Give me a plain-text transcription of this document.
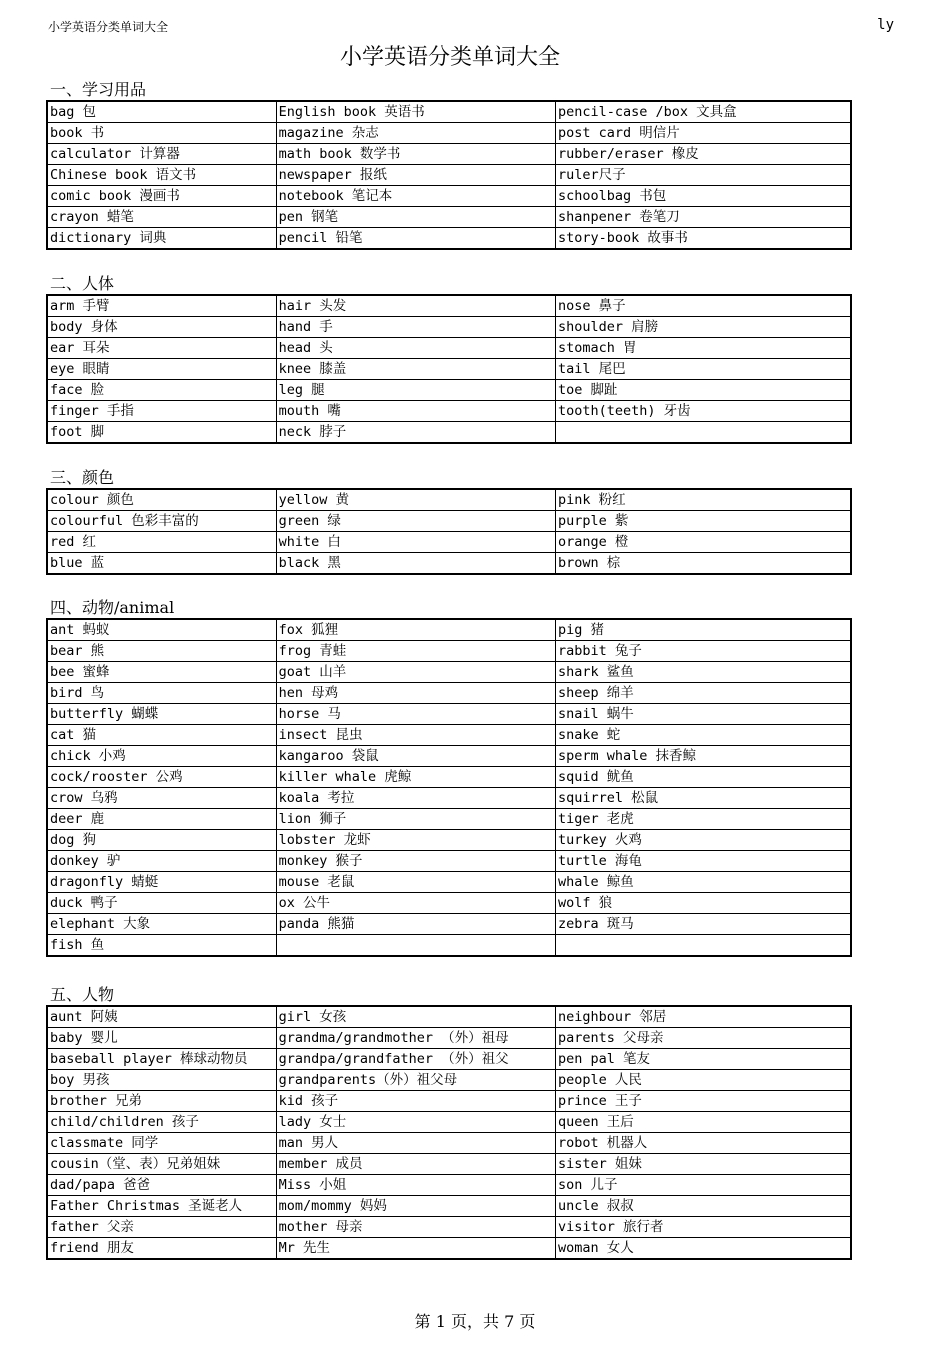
小学英语分类单词大全	ly
小学英语分类单词大全
一、学习用品
bag 包	English book 英语书	pencil-case /box 文具盒
book 书	magazine 杂志	post card 明信片
calculator 计算器	math book 数学书	rubber/eraser 橡皮
Chinese book 语文书	newspaper 报纸	ruler尺子
comic book 漫画书	notebook 笔记本	schoolbag 书包
crayon 蜡笔	pen 钢笔	shanpener 卷笔刀
dictionary 词典	pencil 铅笔	story-book 故事书
二、人体
arm 手臂	hair 头发	nose 鼻子
body 身体	hand 手	shoulder 肩膀
ear 耳朵	head 头	stomach 胃
eye 眼睛	knee 膝盖	tail 尾巴
face 脸	leg 腿	toe 脚趾
finger 手指	mouth 嘴	tooth(teeth) 牙齿
foot 脚	neck 脖子	
三、颜色
colour 颜色	yellow 黄	pink 粉红
colourful 色彩丰富的	green 绿	purple 紫
red 红	white 白	orange 橙
blue 蓝	black 黑	brown 棕
四、动物/animal
ant 蚂蚁	fox 狐狸	pig 猪
bear 熊	frog 青蛙	rabbit 兔子
bee 蜜蜂	goat 山羊	shark 鲨鱼
bird 鸟	hen 母鸡	sheep 绵羊
butterfly 蝴蝶	horse 马	snail 蜗牛
cat 猫	insect 昆虫	snake 蛇
chick 小鸡	kangaroo 袋鼠	sperm whale 抹香鲸
cock/rooster 公鸡	killer whale 虎鲸	squid 鱿鱼
crow 乌鸦	koala 考拉	squirrel 松鼠
deer 鹿	lion 狮子	tiger 老虎
dog 狗	lobster 龙虾	turkey 火鸡
donkey 驴	monkey 猴子	turtle 海龟
dragonfly 蜻蜓	mouse 老鼠	whale 鲸鱼
duck 鸭子	ox 公牛	wolf 狼
elephant 大象	panda 熊猫	zebra 斑马
fish 鱼		
五、人物
aunt 阿姨	girl 女孩	neighbour 邻居
baby 婴儿	grandma/grandmother （外）祖母	parents 父母亲
baseball player 棒球动物员	grandpa/grandfather （外）祖父	pen pal 笔友
boy 男孩	grandparents（外）祖父母	people 人民
brother 兄弟	kid 孩子	prince 王子
child/children 孩子	lady 女士	queen 王后
classmate 同学	man 男人	robot 机器人
cousin（堂、表）兄弟姐妹	member 成员	sister 姐妹
dad/papa 爸爸	Miss 小姐	son 儿子
Father Christmas 圣诞老人	mom/mommy 妈妈	uncle 叔叔
father 父亲	mother 母亲	visitor 旅行者
friend 朋友	Mr 先生	woman 女人
第 1 页，共 7 页
